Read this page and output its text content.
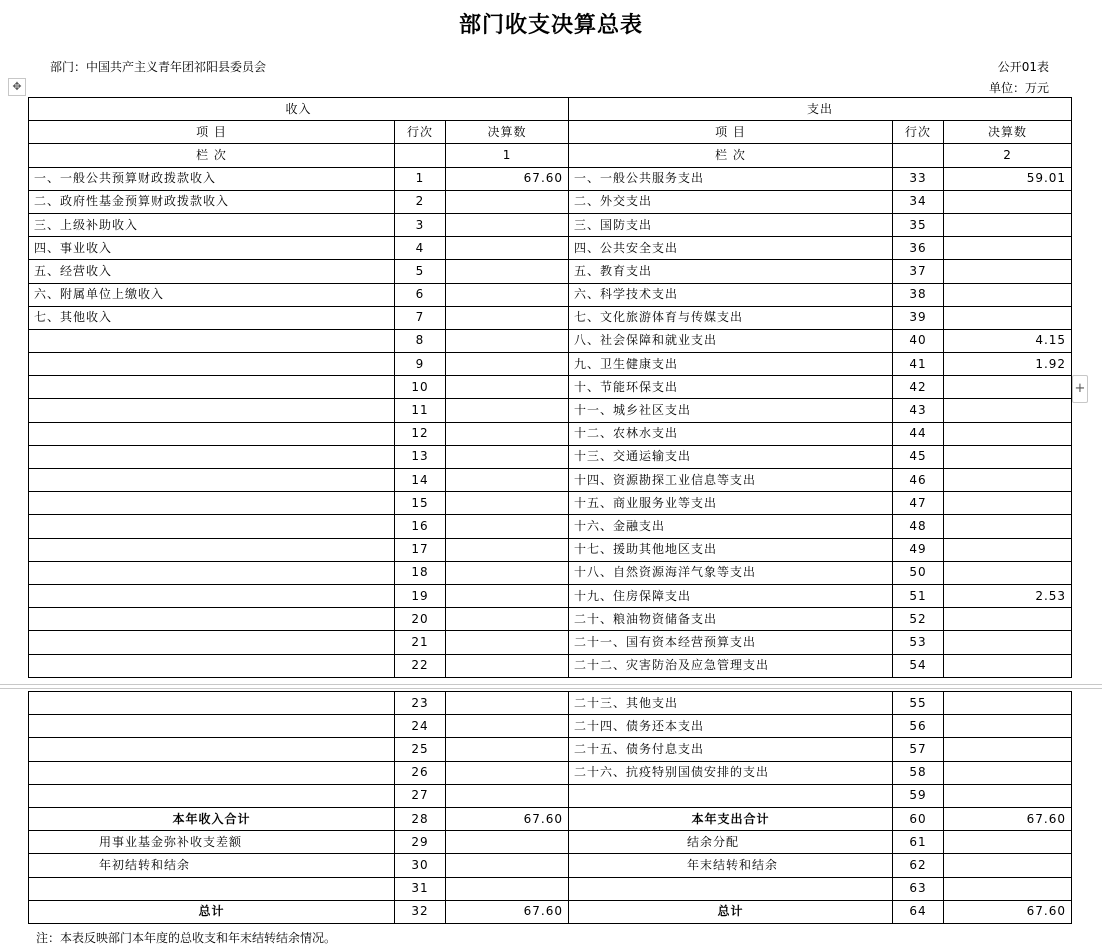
部门收支决算总表
部门：中国共产主义青年团祁阳县委员会	公开01表
单位：万元
✥
+
收入			支出		
项 目	行次	决算数	项 目	行次	决算数
栏 次		1	栏 次		2
一、一般公共预算财政拨款收入	1	67.60	一、一般公共服务支出	33	59.01
二、政府性基金预算财政拨款收入	2		二、外交支出	34	
三、上级补助收入	3		三、国防支出	35	
四、事业收入	4		四、公共安全支出	36	
五、经营收入	5		五、教育支出	37	
六、附属单位上缴收入	6		六、科学技术支出	38	
七、其他收入	7		七、文化旅游体育与传媒支出	39	
	8		八、社会保障和就业支出	40	4.15
	9		九、卫生健康支出	41	1.92
	10		十、节能环保支出	42	
	11		十一、城乡社区支出	43	
	12		十二、农林水支出	44	
	13		十三、交通运输支出	45	
	14		十四、资源勘探工业信息等支出	46	
	15		十五、商业服务业等支出	47	
	16		十六、金融支出	48	
	17		十七、援助其他地区支出	49	
	18		十八、自然资源海洋气象等支出	50	
	19		十九、住房保障支出	51	2.53
	20		二十、粮油物资储备支出	52	
	21		二十一、国有资本经营预算支出	53	
	22		二十二、灾害防治及应急管理支出	54	
	23		二十三、其他支出	55	
	24		二十四、债务还本支出	56	
	25		二十五、债务付息支出	57	
	26		二十六、抗疫特别国债安排的支出	58	
	27			59	
本年收入合计	28	67.60	本年支出合计	60	67.60
用事业基金弥补收支差额	29		结余分配	61	
年初结转和结余	30		年末结转和结余	62	
	31			63	
总计	32	67.60	总计	64	67.60
注：本表反映部门本年度的总收支和年末结转结余情况。
